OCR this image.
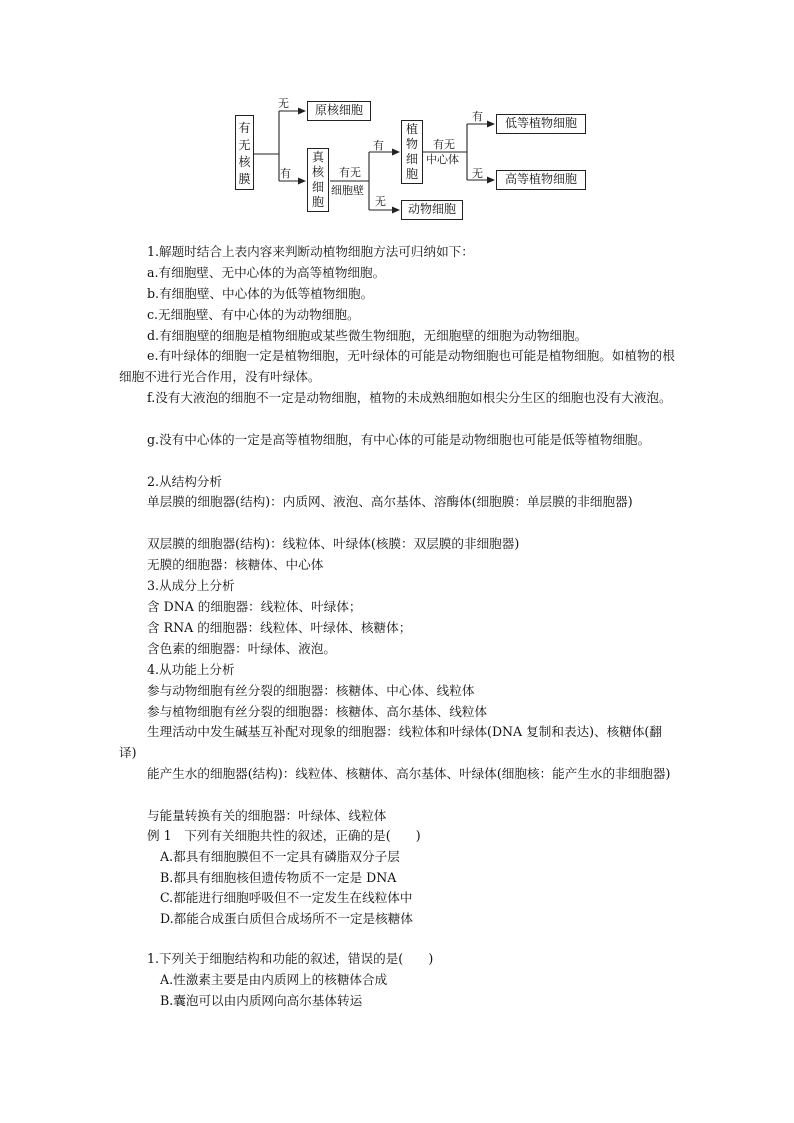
有无核膜
无
有
原核细胞
真核细胞
有无
细胞壁
有
无
植物细胞
动物细胞
有无
中心体
有
无
低等植物细胞
高等植物细胞

1.解题时结合上表内容来判断动植物细胞方法可归纳如下：

a.有细胞壁、无中心体的为高等植物细胞。

b.有细胞壁、中心体的为低等植物细胞。

c.无细胞壁、有中心体的为动物细胞。

d.有细胞壁的细胞是植物细胞或某些微生物细胞，无细胞壁的细胞为动物细胞。

e.有叶绿体的细胞一定是植物细胞，无叶绿体的可能是动物细胞也可能是植物细胞。如植物的根细胞不进行光合作用，没有叶绿体。

f.没有大液泡的细胞不一定是动物细胞，植物的未成熟细胞如根尖分生区的细胞也没有大液泡。

g.没有中心体的一定是高等植物细胞，有中心体的可能是动物细胞也可能是低等植物细胞。

2.从结构分析

单层膜的细胞器(结构)：内质网、液泡、高尔基体、溶酶体(细胞膜：单层膜的非细胞器)

双层膜的细胞器(结构)：线粒体、叶绿体(核膜：双层膜的非细胞器)

无膜的细胞器：核糖体、中心体

3.从成分上分析

含 DNA 的细胞器：线粒体、叶绿体；

含 RNA 的细胞器：线粒体、叶绿体、核糖体；

含色素的细胞器：叶绿体、液泡。

4.从功能上分析

参与动物细胞有丝分裂的细胞器：核糖体、中心体、线粒体

参与植物细胞有丝分裂的细胞器：核糖体、高尔基体、线粒体

生理活动中发生碱基互补配对现象的细胞器：线粒体和叶绿体(DNA 复制和表达)、核糖体(翻译)

能产生水的细胞器(结构)：线粒体、核糖体、高尔基体、叶绿体(细胞核：能产生水的非细胞器)

与能量转换有关的细胞器：叶绿体、线粒体

例 1　下列有关细胞共性的叙述，正确的是(　　)

A.都具有细胞膜但不一定具有磷脂双分子层

B.都具有细胞核但遗传物质不一定是 DNA

C.都能进行细胞呼吸但不一定发生在线粒体中

D.都能合成蛋白质但合成场所不一定是核糖体

1.下列关于细胞结构和功能的叙述，错误的是(　　)

A.性激素主要是由内质网上的核糖体合成

B.囊泡可以由内质网向高尔基体转运
